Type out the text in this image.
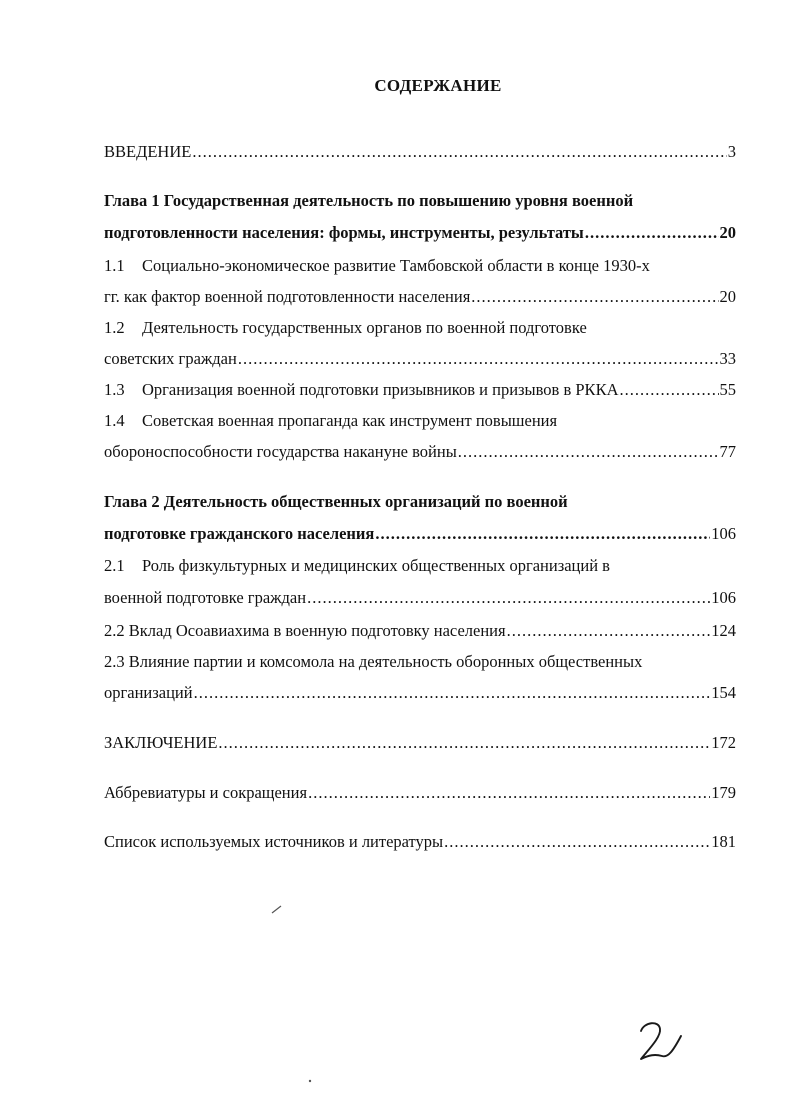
СОДЕРЖАНИЕ
ВВЕДЕНИЕ .....	3
Глава 1 Государственная деятельность по повышению уровня военной
подготовленности населения: формы, инструменты, результаты .....	20
1.1 Социально-экономическое развитие Тамбовской области в конце 1930-х
гг. как фактор военной подготовленности населения .....	20
1.2 Деятельность государственных органов по военной подготовке
советских граждан .....	33
1.3 Организация военной подготовки призывников и призывов в РККА .....	55
1.4 Советская военная пропаганда как инструмент повышения
обороноспособности государства накануне войны .....	77
Глава 2 Деятельность общественных организаций по военной
подготовке гражданского населения .....	106
2.1 Роль физкультурных и медицинских общественных организаций в
военной подготовке граждан .....	106
2.2 Вклад Осоавиахима в военную подготовку населения .....	124
2.3 Влияние партии и комсомола на деятельность оборонных общественных
организаций .....	154
ЗАКЛЮЧЕНИЕ .....	172
Аббревиатуры и сокращения .....	179
Список используемых источников и литературы .....	181
